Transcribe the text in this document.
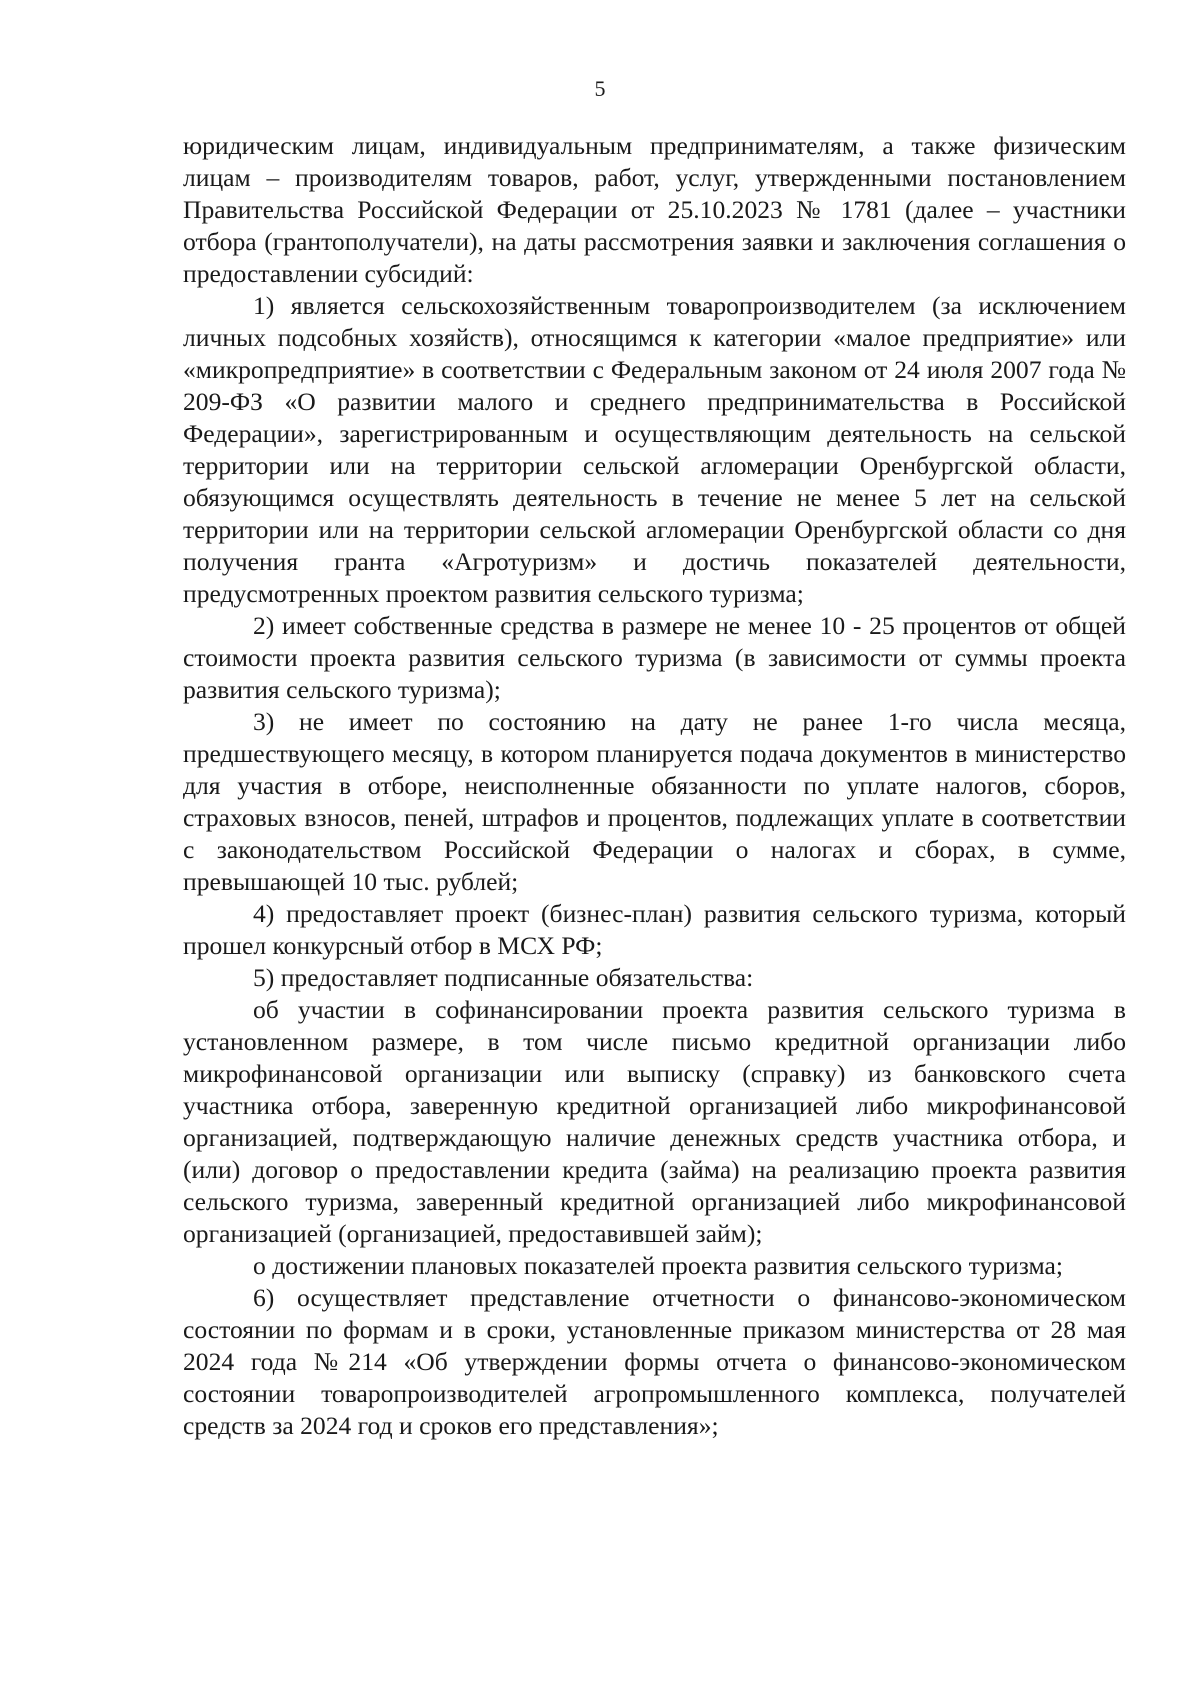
5

юридическим лицам, индивидуальным предпринимателям, а также физическим лицам – производителям товаров, работ, услуг, утвержденными постановлением Правительства Российской Федерации от 25.10.2023 № 1781 (далее – участники отбора (грантополучатели), на даты рассмотрения заявки и заключения соглашения о предоставлении субсидий:

1) является сельскохозяйственным товаропроизводителем (за исключением личных подсобных хозяйств), относящимся к категории «малое предприятие» или «микропредприятие» в соответствии с Федеральным законом от 24 июля 2007 года № 209-ФЗ «О развитии малого и среднего предпринимательства в Российской Федерации», зарегистрированным и осуществляющим деятельность на сельской территории или на территории сельской агломерации Оренбургской области, обязующимся осуществлять деятельность в течение не менее 5 лет на сельской территории или на территории сельской агломерации Оренбургской области со дня получения гранта «Агротуризм» и достичь показателей деятельности, предусмотренных проектом развития сельского туризма;

2) имеет собственные средства в размере не менее 10 - 25 процентов от общей стоимости проекта развития сельского туризма (в зависимости от суммы проекта развития сельского туризма);

3) не имеет по состоянию на дату не ранее 1-го числа месяца, предшествующего месяцу, в котором планируется подача документов в министерство для участия в отборе, неисполненные обязанности по уплате налогов, сборов, страховых взносов, пеней, штрафов и процентов, подлежащих уплате в соответствии с законодательством Российской Федерации о налогах и сборах, в сумме, превышающей 10 тыс. рублей;

4) предоставляет проект (бизнес-план) развития сельского туризма, который прошел конкурсный отбор в МСХ РФ;

5) предоставляет подписанные обязательства:

об участии в софинансировании проекта развития сельского туризма в установленном размере, в том числе письмо кредитной организации либо микрофинансовой организации или выписку (справку) из банковского счета участника отбора, заверенную кредитной организацией либо микрофинансовой организацией, подтверждающую наличие денежных средств участника отбора, и (или) договор о предоставлении кредита (займа) на реализацию проекта развития сельского туризма, заверенный кредитной организацией либо микрофинансовой организацией (организацией, предоставившей займ);

о достижении плановых показателей проекта развития сельского туризма;

6) осуществляет представление отчетности о финансово-экономическом состоянии по формам и в сроки, установленные приказом министерства от 28 мая 2024 года №214 «Об утверждении формы отчета о финансово-экономическом состоянии товаропроизводителей агропромышленного комплекса, получателей средств за 2024 год и сроков его представления»;
